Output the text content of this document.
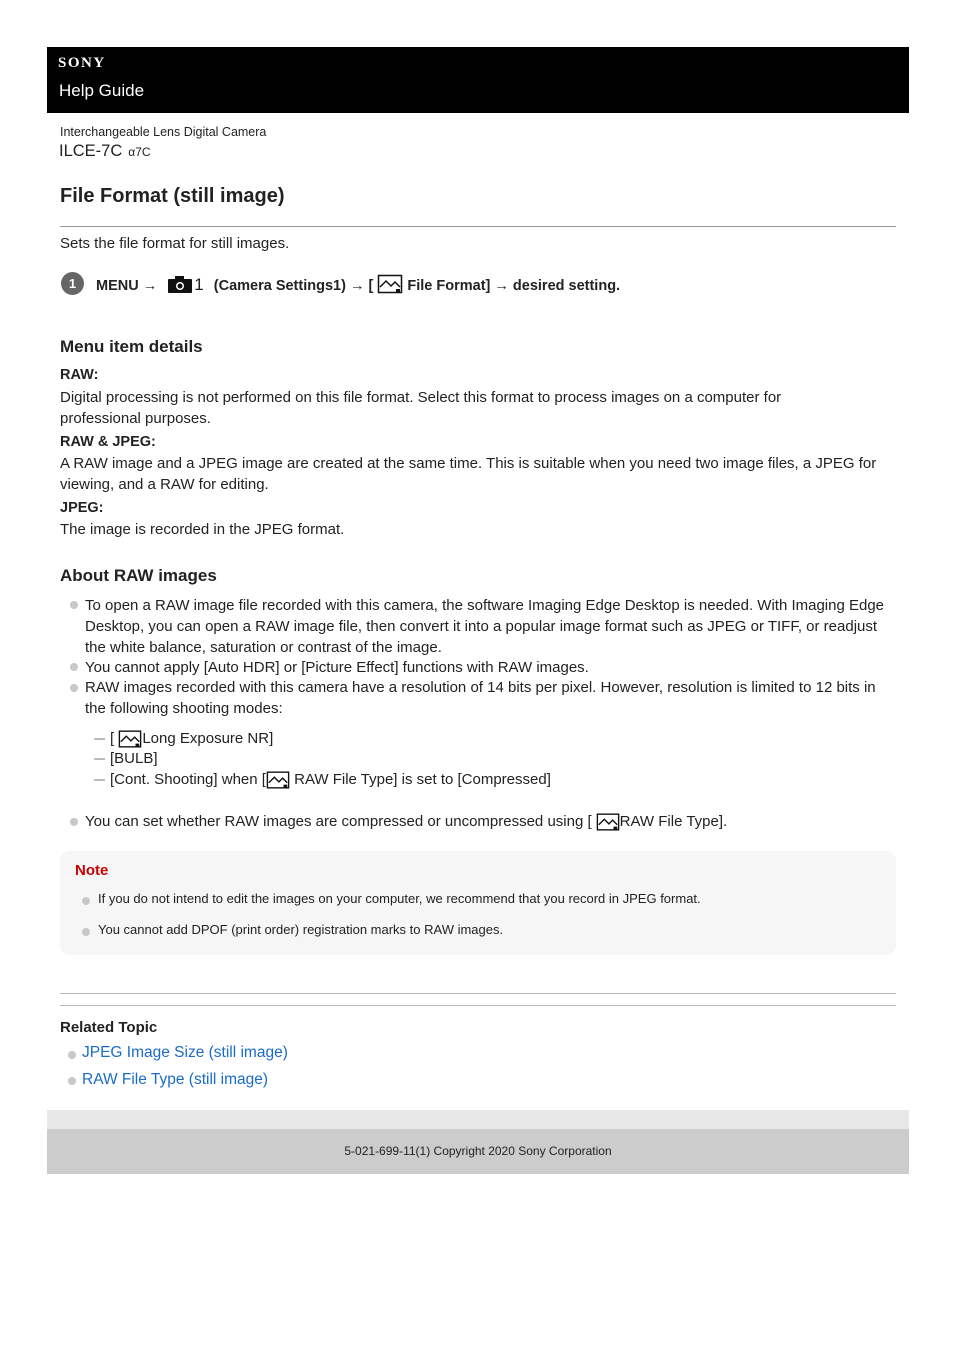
SONY
Help Guide
Interchangeable Lens Digital Camera
ILCE-7C α7C
File Format (still image)
Sets the file format for still images.
1	MENU → 1 (Camera Settings1) → [ File Format] → desired setting.
Menu item details
RAW:
Digital processing is not performed on this file format. Select this format to process images on a computer for professional purposes.
RAW & JPEG:
A RAW image and a JPEG image are created at the same time. This is suitable when you need two image files, a JPEG for viewing, and a RAW for editing.
JPEG:
The image is recorded in the JPEG format.
About RAW images
To open a RAW image file recorded with this camera, the software Imaging Edge Desktop is needed. With Imaging Edge Desktop, you can open a RAW image file, then convert it into a popular image format such as JPEG or TIFF, or readjust the white balance, saturation or contrast of the image.
You cannot apply [Auto HDR] or [Picture Effect] functions with RAW images.
RAW images recorded with this camera have a resolution of 14 bits per pixel. However, resolution is limited to 12 bits in the following shooting modes:
[ Long Exposure NR]
[BULB]
[Cont. Shooting] when [ RAW File Type] is set to [Compressed]
You can set whether RAW images are compressed or uncompressed using [ RAW File Type].
Note
If you do not intend to edit the images on your computer, we recommend that you record in JPEG format.
You cannot add DPOF (print order) registration marks to RAW images.
Related Topic
JPEG Image Size (still image)
RAW File Type (still image)
5-021-699-11(1) Copyright 2020 Sony Corporation
